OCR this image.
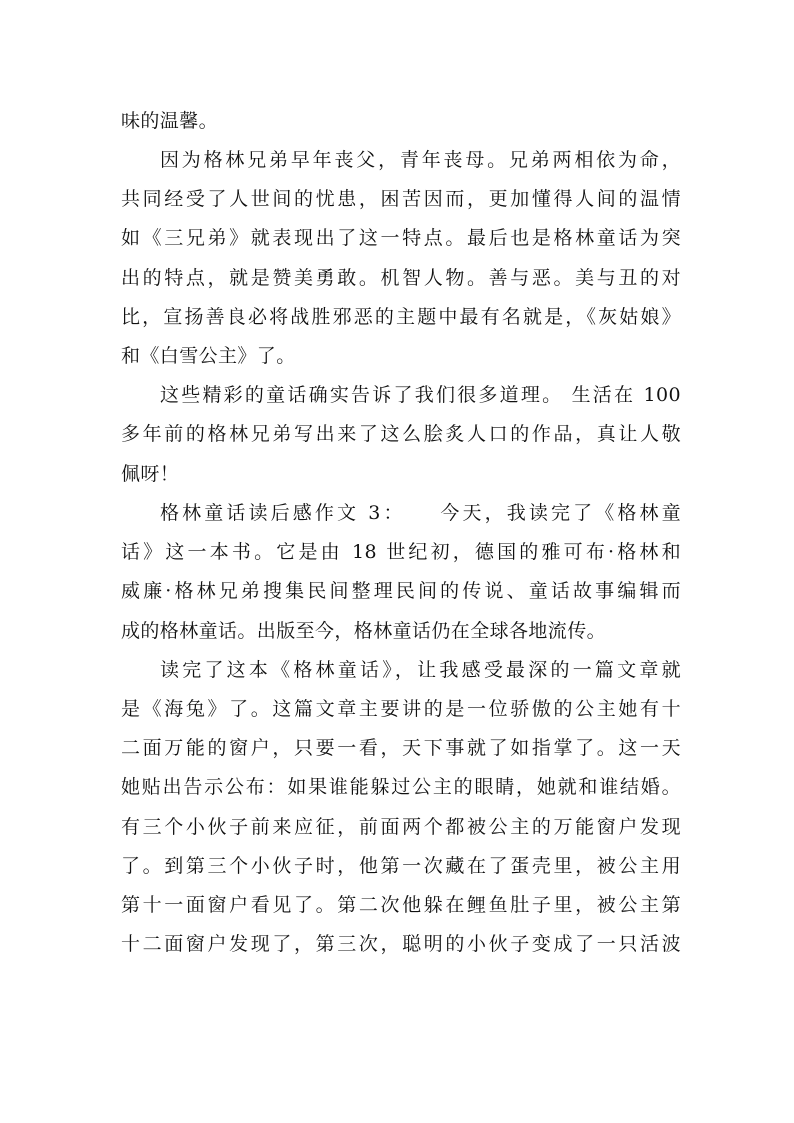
味的温馨。
因为格林兄弟早年丧父，青年丧母。兄弟两相依为命，
共同经受了人世间的忧患，困苦因而，更加懂得人间的温情
如《三兄弟》就表现出了这一特点。最后也是格林童话为突
出的特点，就是赞美勇敢。机智人物。善与恶。美与丑的对
比，宣扬善良必将战胜邪恶的主题中最有名就是，《灰姑娘》
和《白雪公主》了。
这些精彩的童话确实告诉了我们很多道理。 生活在 100
多年前的格林兄弟写出来了这么脍炙人口的作品，真让人敬
佩呀！
格林童话读后感作文 3：　　今天，我读完了《格林童
话》这一本书。它是由 18 世纪初，德国的雅可布·格林和
威廉·格林兄弟搜集民间整理民间的传说、童话故事编辑而
成的格林童话。出版至今，格林童话仍在全球各地流传。
读完了这本《格林童话》，让我感受最深的一篇文章就
是《海兔》了。这篇文章主要讲的是一位骄傲的公主她有十
二面万能的窗户，只要一看，天下事就了如指掌了。这一天
她贴出告示公布：如果谁能躲过公主的眼睛，她就和谁结婚。
有三个小伙子前来应征，前面两个都被公主的万能窗户发现
了。到第三个小伙子时，他第一次藏在了蛋壳里，被公主用
第十一面窗户看见了。第二次他躲在鲤鱼肚子里，被公主第
十二面窗户发现了，第三次，聪明的小伙子变成了一只活波
